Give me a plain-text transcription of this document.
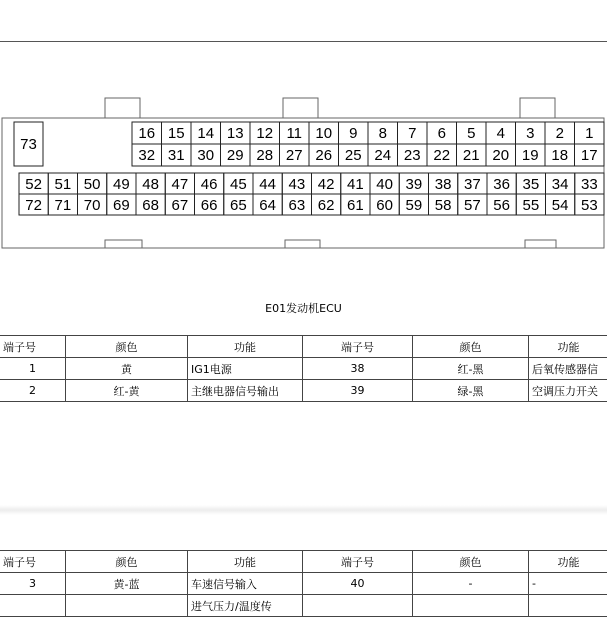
73
16 15 14 13 12 11 10 9 8 7 6 5 4 3 2 1
32 31 30 29 28 27 26 25 24 23 22 21 20 19 18 17
52 51 50 49 48 47 46 45 44 43 42 41 40 39 38 37 36 35 34 33
72 71 70 69 68 67 66 65 64 63 62 61 60 59 58 57 56 55 54 53
E01发动机ECU
端子号	颜色	功能	端子号	颜色	功能
1	黄	IG1电源	38	红-黑	后氧传感器信
2	红-黄	主继电器信号输出	39	绿-黑	空调压力开关
端子号	颜色	功能	端子号	颜色	功能
3	黄-蓝	车速信号输入	40	-	-
		进气压力/温度传			
